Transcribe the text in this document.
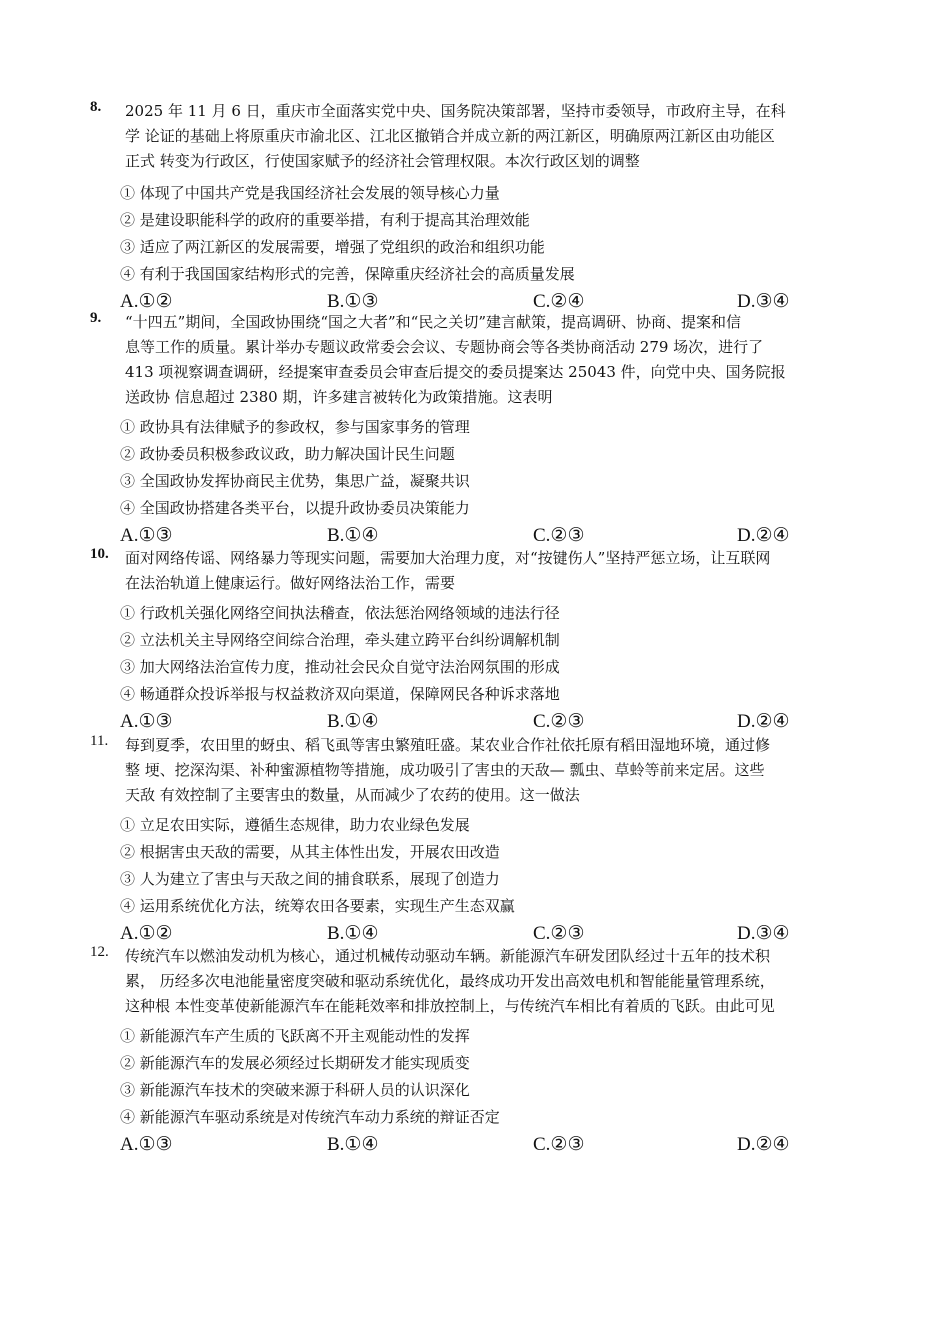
8. 2025 年 11 月 6 日，重庆市全面落实党中央、国务院决策部署，坚持市委领导，市政府主导，在科
学 论证的基础上将原重庆市渝北区、江北区撤销合并成立新的两江新区，明确原两江新区由功能区
正式 转变为行政区，行使国家赋予的经济社会管理权限。本次行政区划的调整
① 体现了中国共产党是我国经济社会发展的领导核心力量
② 是建设职能科学的政府的重要举措，有利于提高其治理效能
③ 适应了两江新区的发展需要，增强了党组织的政治和组织功能
④ 有利于我国国家结构形式的完善，保障重庆经济社会的高质量发展
A.①②	B.①③	C.②④	D.③④
9. “十四五”期间，全国政协围绕“国之大者”和“民之关切”建言献策，提高调研、协商、提案和信
息等工作的质量。累计举办专题议政常委会会议、专题协商会等各类协商活动 279 场次，进行了
413 项视察调查调研，经提案审查委员会审查后提交的委员提案达 25043 件，向党中央、国务院报
送政协 信息超过 2380 期，许多建言被转化为政策措施。这表明
① 政协具有法律赋予的参政权，参与国家事务的管理
② 政协委员积极参政议政，助力解决国计民生问题
③ 全国政协发挥协商民主优势，集思广益，凝聚共识
④ 全国政协搭建各类平台，以提升政协委员决策能力
A.①③	B.①④	C.②③	D.②④
10. 面对网络传谣、网络暴力等现实问题，需要加大治理力度，对“按键伤人”坚持严惩立场，让互联网
在法治轨道上健康运行。做好网络法治工作，需要
① 行政机关强化网络空间执法稽查，依法惩治网络领域的违法行径
② 立法机关主导网络空间综合治理，牵头建立跨平台纠纷调解机制
③ 加大网络法治宣传力度，推动社会民众自觉守法治网氛围的形成
④ 畅通群众投诉举报与权益救济双向渠道，保障网民各种诉求落地
A.①③	B.①④	C.②③	D.②④
11. 每到夏季，农田里的蚜虫、稻飞虱等害虫繁殖旺盛。某农业合作社依托原有稻田湿地环境，通过修
整 埂、挖深沟渠、补种蜜源植物等措施，成功吸引了害虫的天敌— 瓢虫、草蛉等前来定居。这些
天敌 有效控制了主要害虫的数量，从而减少了农药的使用。这一做法
① 立足农田实际，遵循生态规律，助力农业绿色发展
② 根据害虫天敌的需要，从其主体性出发，开展农田改造
③ 人为建立了害虫与天敌之间的捕食联系，展现了创造力
④ 运用系统优化方法，统筹农田各要素，实现生产生态双赢
A.①②	B.①④	C.②③	D.③④
12. 传统汽车以燃油发动机为核心，通过机械传动驱动车辆。新能源汽车研发团队经过十五年的技术积
累， 历经多次电池能量密度突破和驱动系统优化，最终成功开发出高效电机和智能能量管理系统，
这种根 本性变革使新能源汽车在能耗效率和排放控制上，与传统汽车相比有着质的飞跃。由此可见
① 新能源汽车产生质的飞跃离不开主观能动性的发挥
② 新能源汽车的发展必须经过长期研发才能实现质变
③ 新能源汽车技术的突破来源于科研人员的认识深化
④ 新能源汽车驱动系统是对传统汽车动力系统的辩证否定
A.①③	B.①④	C.②③	D.②④
